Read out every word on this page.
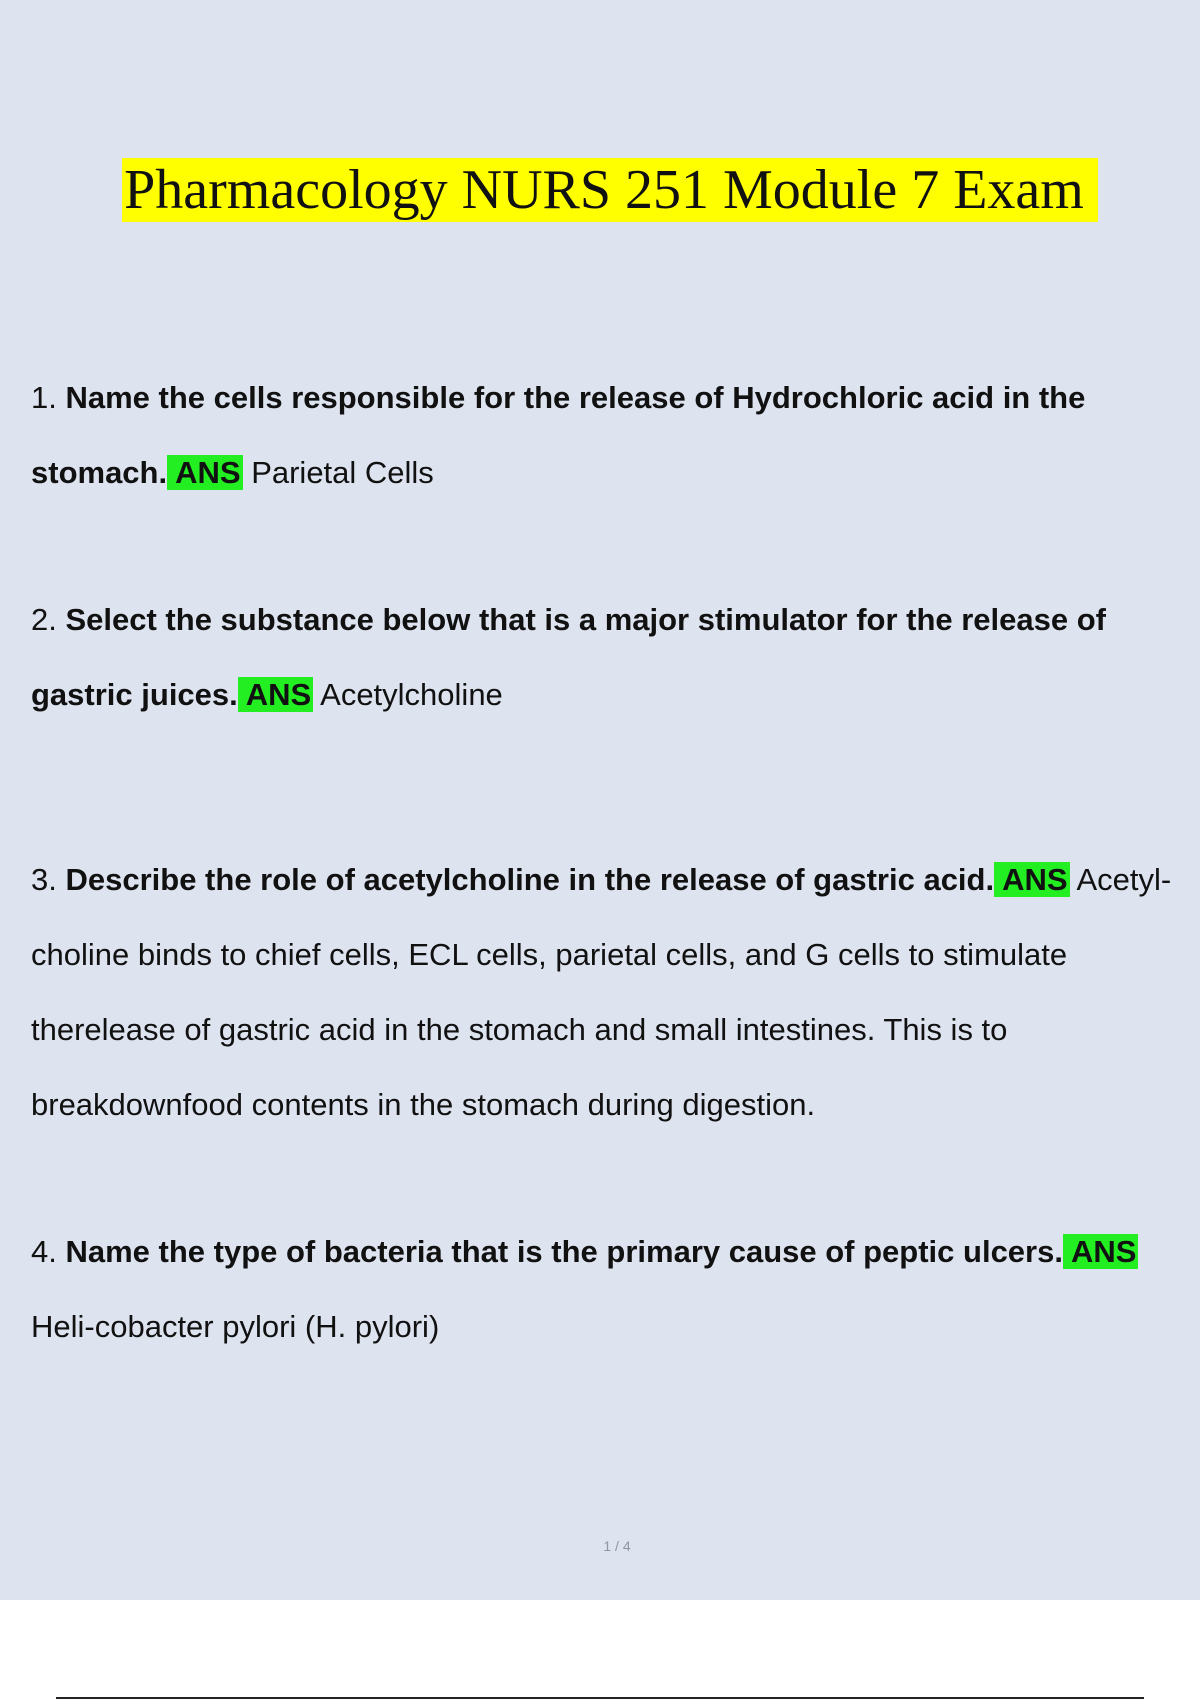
Pharmacology NURS 251 Module 7 Exam
1. Name the cells responsible for the release of Hydrochloric acid in the stomach. ANS Parietal Cells
2. Select the substance below that is a major stimulator for the release of gastric juices. ANS Acetylcholine
3. Describe the role of acetylcholine in the release of gastric acid. ANS Acetyl- choline binds to chief cells, ECL cells, parietal cells, and G cells to stimulate therelease of gastric acid in the stomach and small intestines. This is to breakdownfood contents in the stomach during digestion.
4. Name the type of bacteria that is the primary cause of peptic ulcers. ANS Heli-cobacter pylori (H. pylori)
1 / 4
